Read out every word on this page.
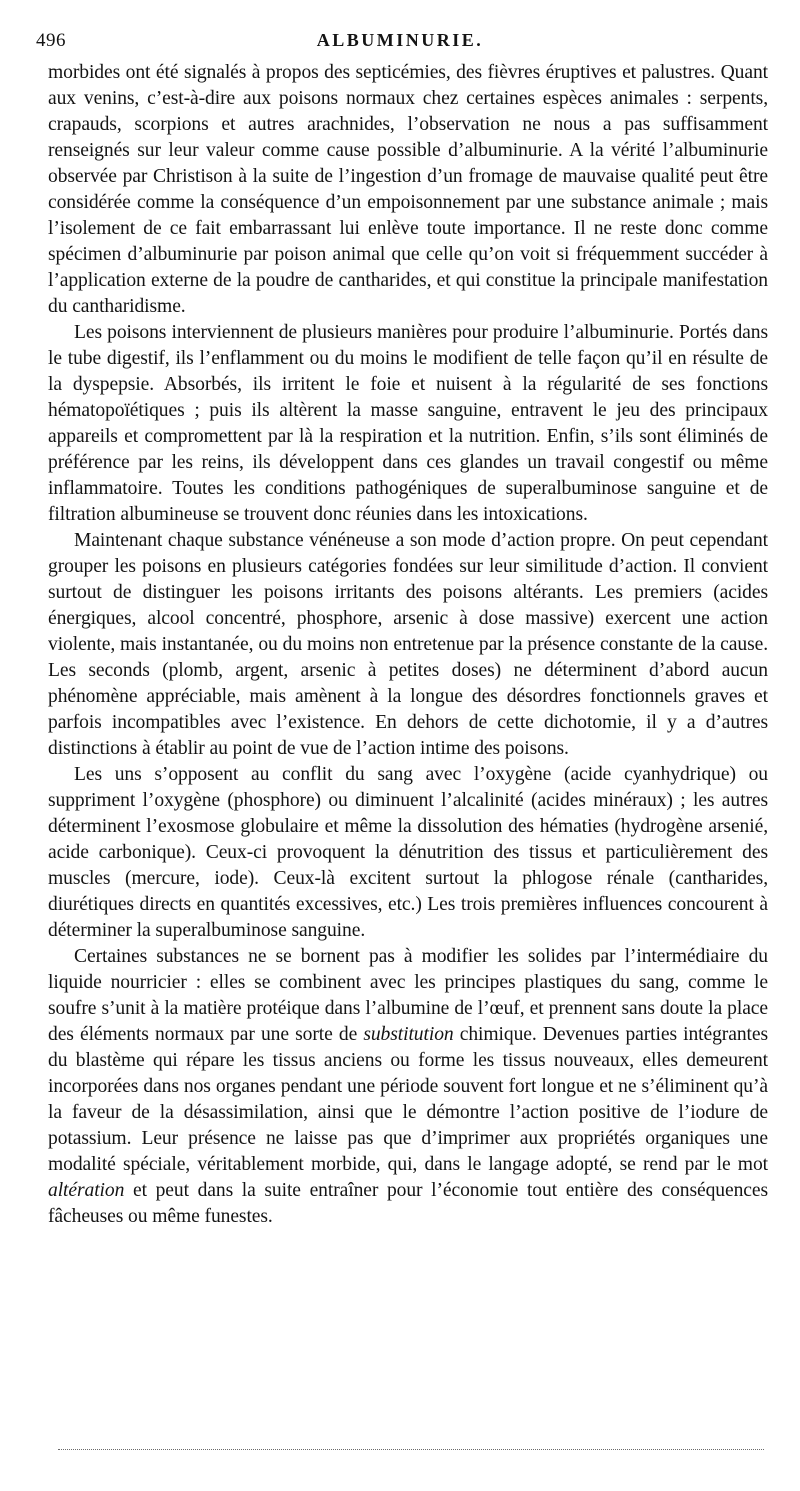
496	ALBUMINURIE.

morbides ont été signalés à propos des septicémies, des fièvres éruptives et palustres. Quant aux venins, c’est-à-dire aux poisons normaux chez certaines espèces animales : serpents, crapauds, scorpions et autres arachnides, l’observation ne nous a pas suffisamment renseignés sur leur valeur comme cause possible d’albuminurie. A la vérité l’albuminurie observée par Christison à la suite de l’ingestion d’un fromage de mauvaise qualité peut être considérée comme la conséquence d’un empoisonnement par une substance animale ; mais l’isolement de ce fait embarrassant lui enlève toute importance. Il ne reste donc comme spécimen d’albuminurie par poison animal que celle qu’on voit si fréquemment succéder à l’application externe de la poudre de cantharides, et qui constitue la principale manifestation du cantharidisme.

Les poisons interviennent de plusieurs manières pour produire l’albuminurie. Portés dans le tube digestif, ils l’enflamment ou du moins le modifient de telle façon qu’il en résulte de la dyspepsie. Absorbés, ils irritent le foie et nuisent à la régularité de ses fonctions hématopoïétiques ; puis ils altèrent la masse sanguine, entravent le jeu des principaux appareils et compromettent par là la respiration et la nutrition. Enfin, s’ils sont éliminés de préférence par les reins, ils développent dans ces glandes un travail congestif ou même inflammatoire. Toutes les conditions pathogéniques de superalbuminose sanguine et de filtration albumineuse se trouvent donc réunies dans les intoxications.

Maintenant chaque substance vénéneuse a son mode d’action propre. On peut cependant grouper les poisons en plusieurs catégories fondées sur leur similitude d’action. Il convient surtout de distinguer les poisons irritants des poisons altérants. Les premiers (acides énergiques, alcool concentré, phosphore, arsenic à dose massive) exercent une action violente, mais instantanée, ou du moins non entretenue par la présence constante de la cause. Les seconds (plomb, argent, arsenic à petites doses) ne déterminent d’abord aucun phénomène appréciable, mais amènent à la longue des désordres fonctionnels graves et parfois incompatibles avec l’existence. En dehors de cette dichotomie, il y a d’autres distinctions à établir au point de vue de l’action intime des poisons.

Les uns s’opposent au conflit du sang avec l’oxygène (acide cyanhydrique) ou suppriment l’oxygène (phosphore) ou diminuent l’alcalinité (acides minéraux) ; les autres déterminent l’exosmose globulaire et même la dissolution des hématies (hydrogène arsenié, acide carbonique). Ceux-ci provoquent la dénutrition des tissus et particulièrement des muscles (mercure, iode). Ceux-là excitent surtout la phlogose rénale (cantharides, diurétiques directs en quantités excessives, etc.) Les trois premières influences concourent à déterminer la superalbuminose sanguine.

Certaines substances ne se bornent pas à modifier les solides par l’intermédiaire du liquide nourricier : elles se combinent avec les principes plastiques du sang, comme le soufre s’unit à la matière protéique dans l’albumine de l’œuf, et prennent sans doute la place des éléments normaux par une sorte de substitution chimique. Devenues parties intégrantes du blastème qui répare les tissus anciens ou forme les tissus nouveaux, elles demeurent incorporées dans nos organes pendant une période souvent fort longue et ne s’éliminent qu’à la faveur de la désassimilation, ainsi que le démontre l’action positive de l’iodure de potassium. Leur présence ne laisse pas que d’imprimer aux propriétés organiques une modalité spéciale, véritablement morbide, qui, dans le langage adopté, se rend par le mot altération et peut dans la suite entraîner pour l’économie tout entière des conséquences fâcheuses ou même funestes.
